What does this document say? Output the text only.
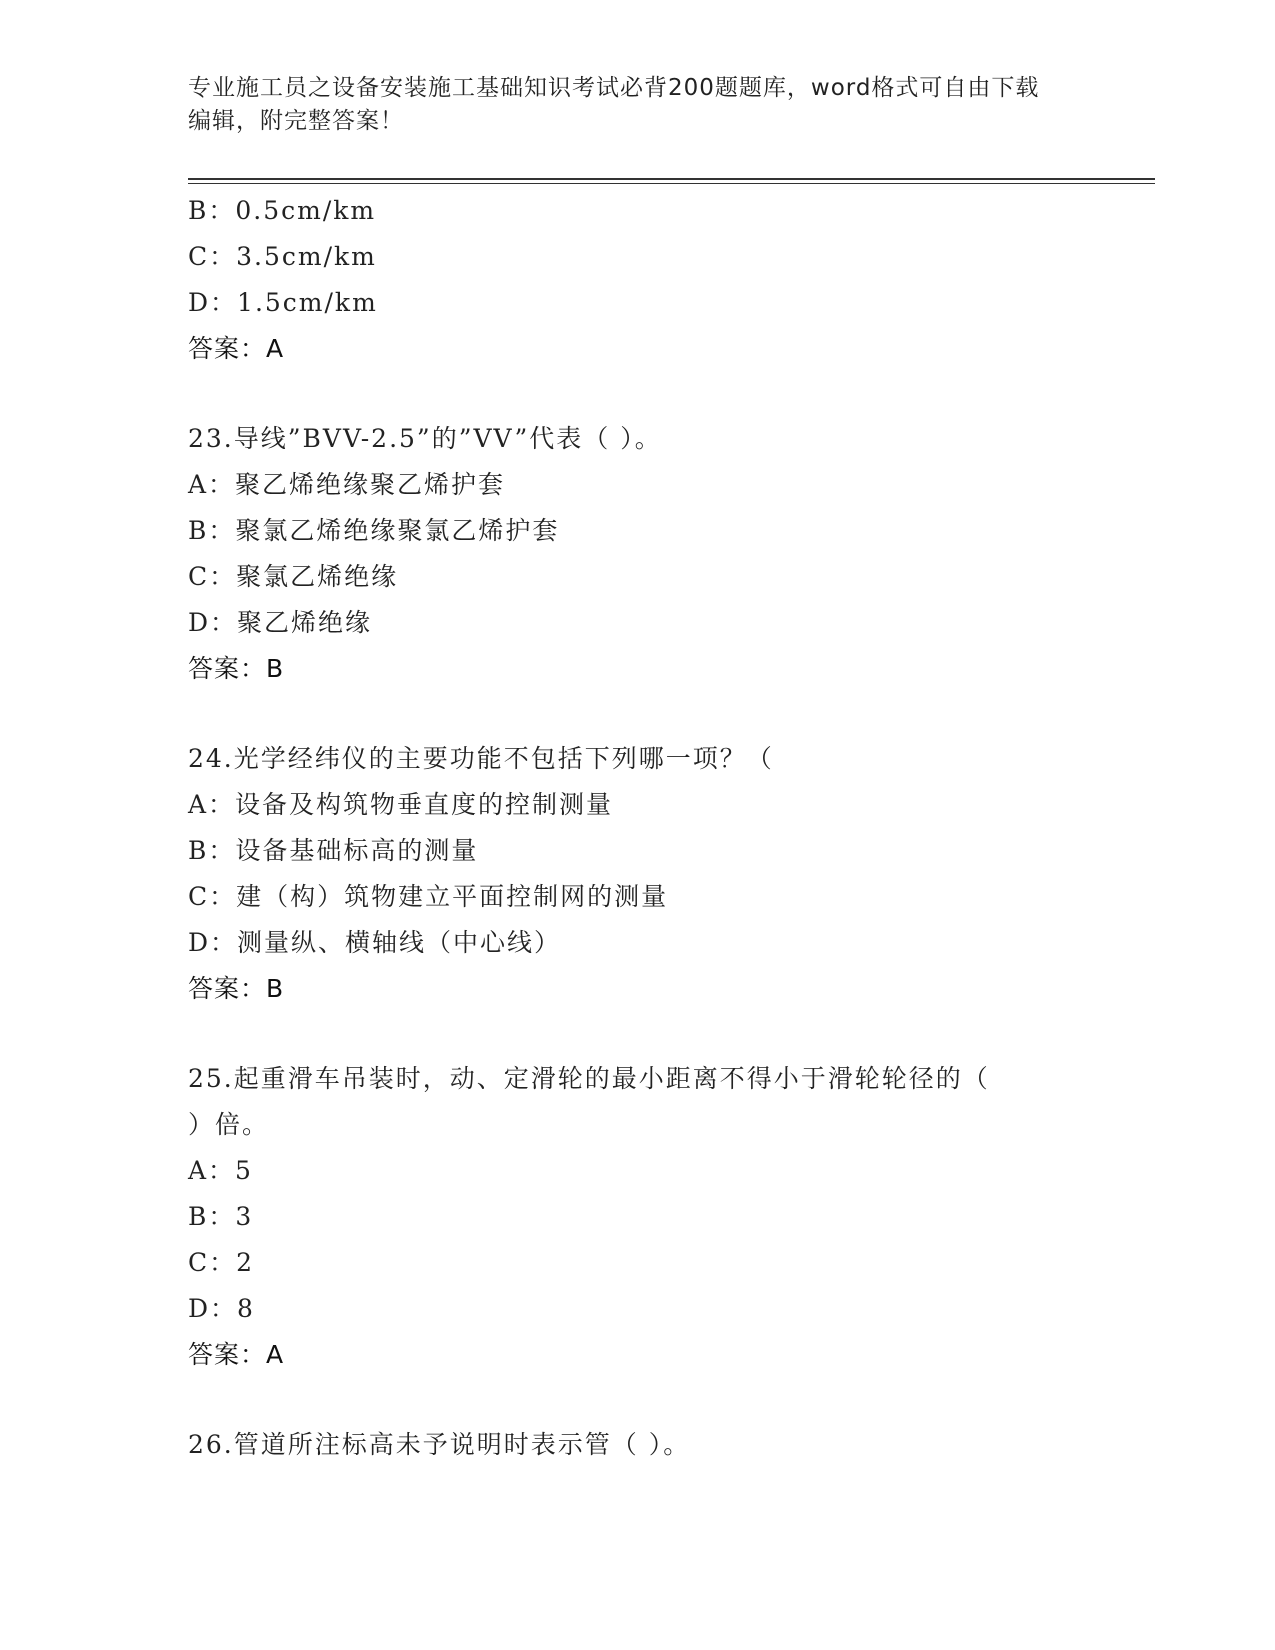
专业施工员之设备安装施工基础知识考试必背200题题库，word格式可自由下载
编辑，附完整答案！
B：0.5cm/km
C：3.5cm/km
D：1.5cm/km
答案：A
23.导线”BVV-2.5”的”VV”代表（ ）。
A：聚乙烯绝缘聚乙烯护套
B：聚氯乙烯绝缘聚氯乙烯护套
C：聚氯乙烯绝缘
D：聚乙烯绝缘
答案：B
24.光学经纬仪的主要功能不包括下列哪一项？（
A：设备及构筑物垂直度的控制测量
B：设备基础标高的测量
C：建（构）筑物建立平面控制网的测量
D：测量纵、横轴线（中心线）
答案：B
25.起重滑车吊装时，动、定滑轮的最小距离不得小于滑轮轮径的（
）倍。
A：5
B：3
C：2
D：8
答案：A
26.管道所注标高未予说明时表示管（ ）。
